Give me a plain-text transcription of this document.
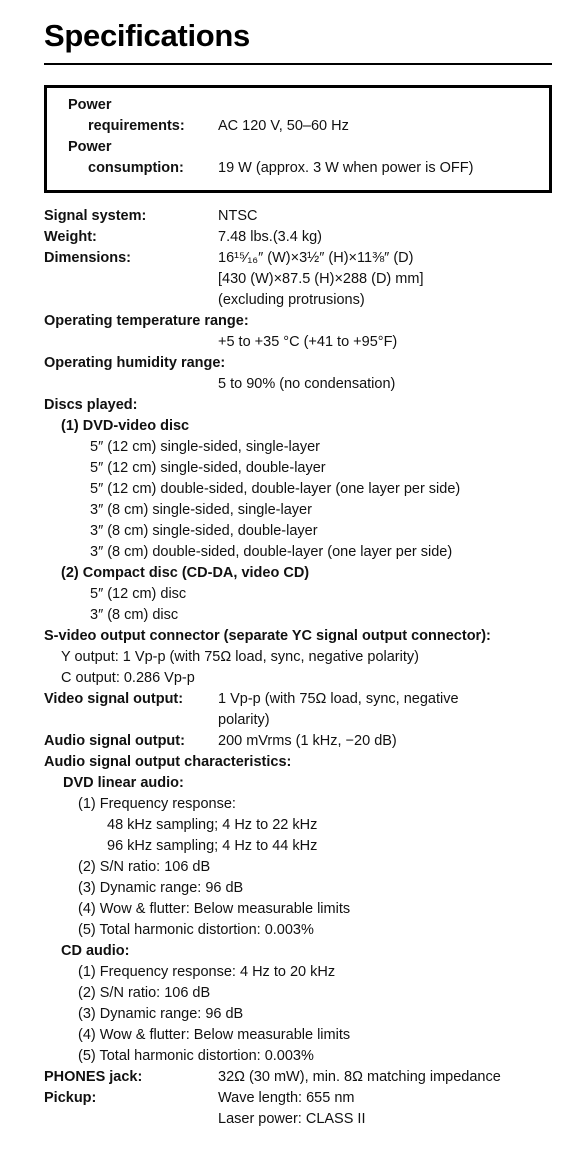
Specifications
Power
requirements: AC 120 V, 50–60 Hz
Power
consumption: 19 W (approx. 3 W when power is OFF)
Signal system:	NTSC
Weight:	7.48 lbs.(3.4 kg)
Dimensions:	16¹⁵⁄₁₆″ (W)×3½″ (H)×11⅜″ (D)
[430 (W)×87.5 (H)×288 (D) mm]
(excluding protrusions)
Operating temperature range:
+5 to +35 °C (+41 to +95°F)
Operating humidity range:
5 to 90% (no condensation)
Discs played:
(1) DVD-video disc
5″ (12 cm) single-sided, single-layer
5″ (12 cm) single-sided, double-layer
5″ (12 cm) double-sided, double-layer (one layer per side)
3″ (8 cm) single-sided, single-layer
3″ (8 cm) single-sided, double-layer
3″ (8 cm) double-sided, double-layer (one layer per side)
(2) Compact disc (CD-DA, video CD)
5″ (12 cm) disc
3″ (8 cm) disc
S-video output connector (separate YC signal output connector):
Y output: 1 Vp-p (with 75Ω load, sync, negative polarity)
C output: 0.286 Vp-p
Video signal output: 1 Vp-p (with 75Ω load, sync, negative
polarity)
Audio signal output: 200 mVrms (1 kHz, −20 dB)
Audio signal output characteristics:
DVD linear audio:
(1) Frequency response:
48 kHz sampling; 4 Hz to 22 kHz
96 kHz sampling; 4 Hz to 44 kHz
(2) S/N ratio: 106 dB
(3) Dynamic range: 96 dB
(4) Wow & flutter: Below measurable limits
(5) Total harmonic distortion: 0.003%
CD audio:
(1) Frequency response: 4 Hz to 20 kHz
(2) S/N ratio: 106 dB
(3) Dynamic range: 96 dB
(4) Wow & flutter: Below measurable limits
(5) Total harmonic distortion: 0.003%
PHONES jack:	32Ω (30 mW), min. 8Ω matching impedance
Pickup:	Wave length: 655 nm
Laser power: CLASS II
